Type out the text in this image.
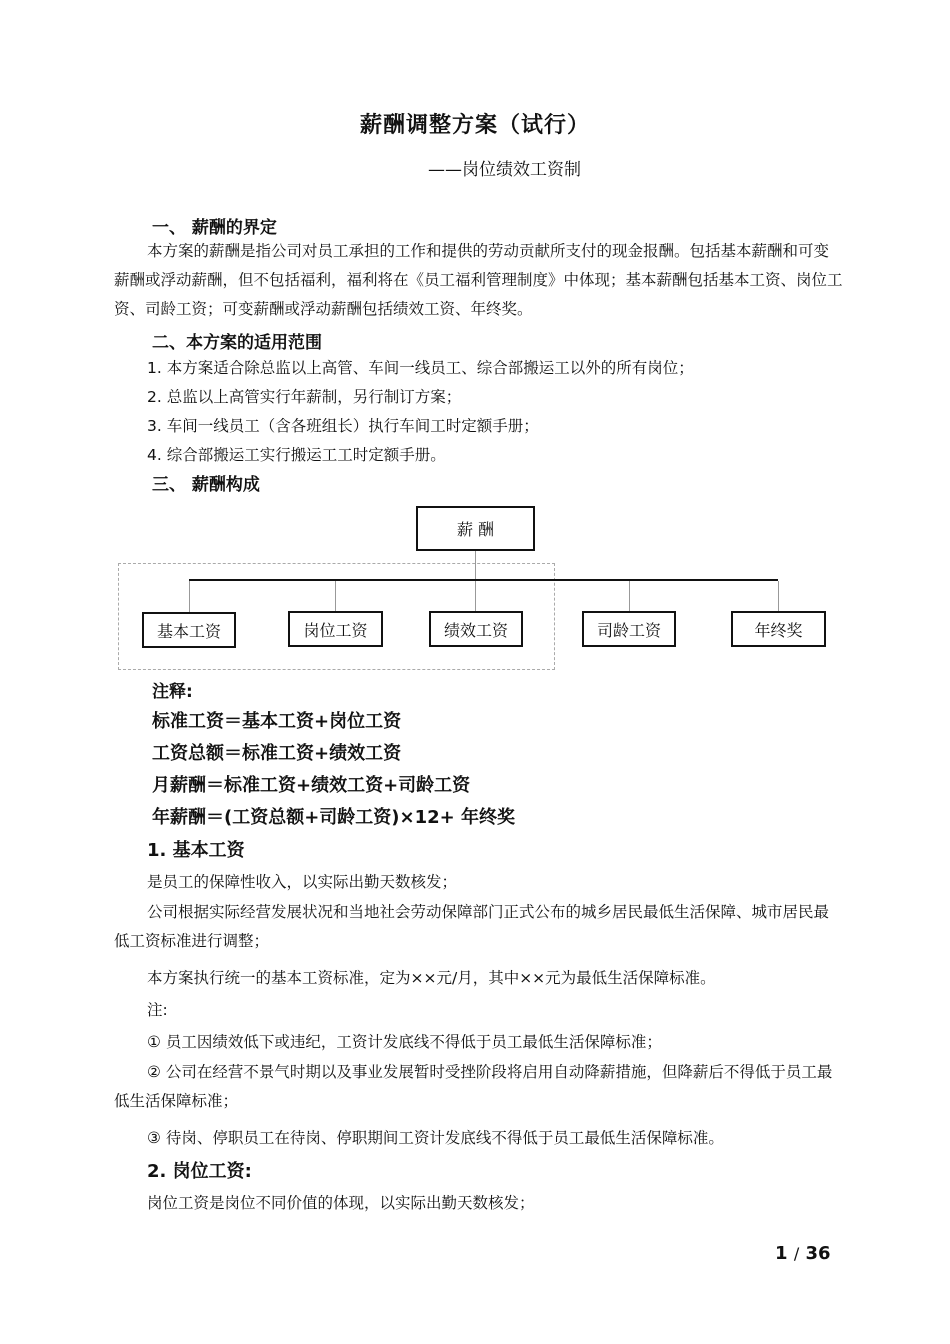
薪酬调整方案（试行）
——岗位绩效工资制
一、 薪酬的界定
本方案的薪酬是指公司对员工承担的工作和提供的劳动贡献所支付的现金报酬。包括基本薪酬和可变薪酬或浮动薪酬，但不包括福利，福利将在《员工福利管理制度》中体现；基本薪酬包括基本工资、岗位工资、司龄工资；可变薪酬或浮动薪酬包括绩效工资、年终奖。
二、本方案的适用范围
1. 本方案适合除总监以上高管、车间一线员工、综合部搬运工以外的所有岗位；
2. 总监以上高管实行年薪制，另行制订方案；
3. 车间一线员工（含各班组长）执行车间工时定额手册；
4. 综合部搬运工实行搬运工工时定额手册。
三、 薪酬构成
薪 酬
基本工资	岗位工资	绩效工资	司龄工资	年终奖
注释:
标准工资＝基本工资+岗位工资
工资总额＝标准工资+绩效工资
月薪酬＝标准工资+绩效工资+司龄工资
年薪酬＝(工资总额+司龄工资)×12+ 年终奖
1. 基本工资
是员工的保障性收入，以实际出勤天数核发；
公司根据实际经营发展状况和当地社会劳动保障部门正式公布的城乡居民最低生活保障、城市居民最低工资标准进行调整；
本方案执行统一的基本工资标准，定为××元/月，其中××元为最低生活保障标准。
注:
① 员工因绩效低下或违纪，工资计发底线不得低于员工最低生活保障标准；
② 公司在经营不景气时期以及事业发展暂时受挫阶段将启用自动降薪措施，但降薪后不得低于员工最低生活保障标准；
③ 待岗、停职员工在待岗、停职期间工资计发底线不得低于员工最低生活保障标准。
2. 岗位工资:
岗位工资是岗位不同价值的体现，以实际出勤天数核发；
1 / 36
